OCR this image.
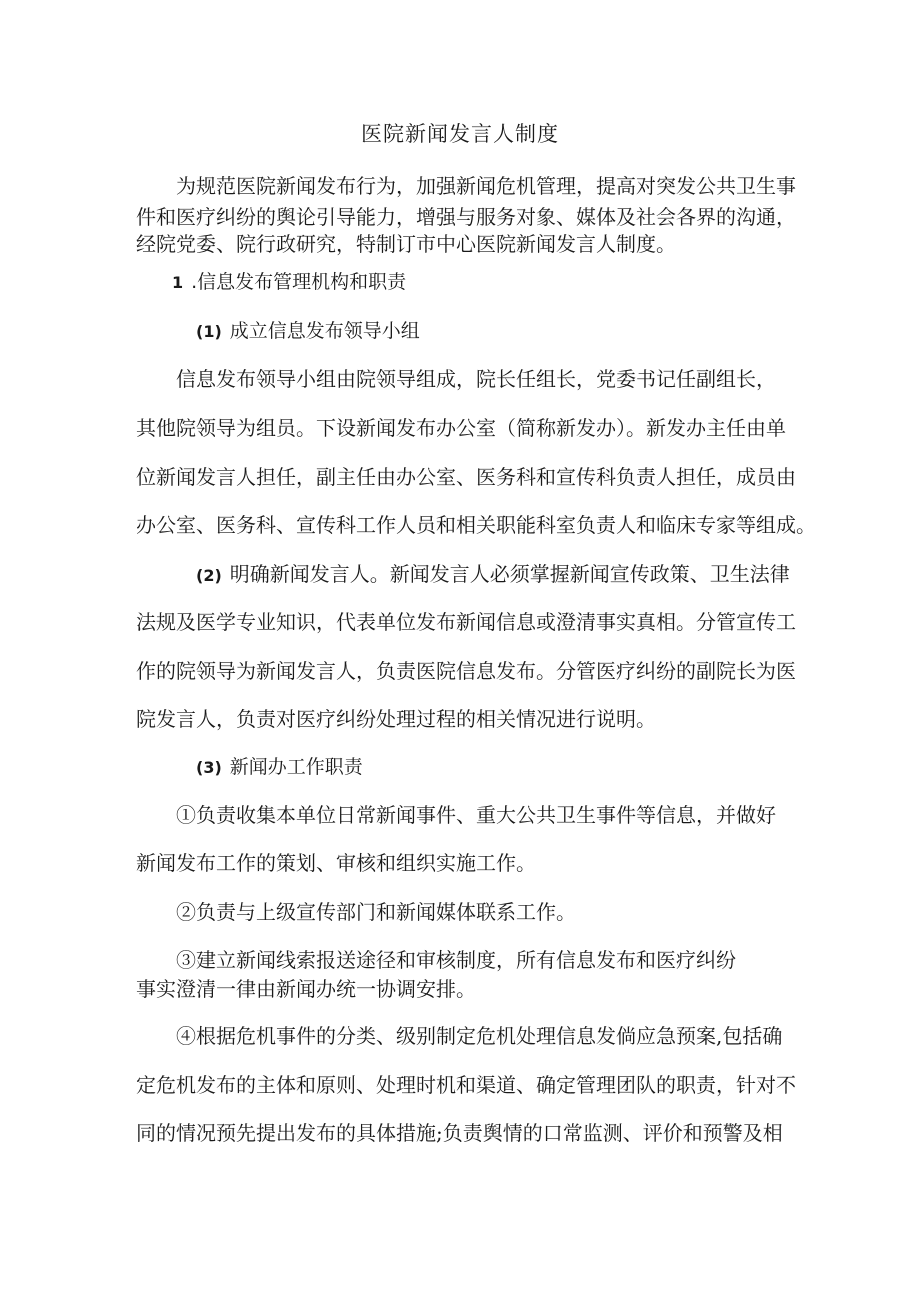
医院新闻发言人制度
为规范医院新闻发布行为，加强新闻危机管理，提高对突发公共卫生事
件和医疗纠纷的舆论引导能力，增强与服务对象、媒体及社会各界的沟通，
经院党委、院行政研究，特制订市中心医院新闻发言人制度。
1 .信息发布管理机构和职责
(1) 成立信息发布领导小组
信息发布领导小组由院领导组成，院长任组长，党委书记任副组长，
其他院领导为组员。下设新闻发布办公室（简称新发办）。新发办主任由单
位新闻发言人担任，副主任由办公室、医务科和宣传科负责人担任，成员由
办公室、医务科、宣传科工作人员和相关职能科室负责人和临床专家等组成。
(2) 明确新闻发言人。新闻发言人必须掌握新闻宣传政策、卫生法律
法规及医学专业知识，代表单位发布新闻信息或澄清事实真相。分管宣传工
作的院领导为新闻发言人，负责医院信息发布。分管医疗纠纷的副院长为医
院发言人，负责对医疗纠纷处理过程的相关情况进行说明。
(3) 新闻办工作职责
①负责收集本单位日常新闻事件、重大公共卫生事件等信息，并做好
新闻发布工作的策划、审核和组织实施工作。
②负责与上级宣传部门和新闻媒体联系工作。
③建立新闻线索报送途径和审核制度，所有信息发布和医疗纠纷
事实澄清一律由新闻办统一协调安排。
④根据危机事件的分类、级别制定危机处理信息发倘应急预案,包括确
定危机发布的主体和原则、处理时机和渠道、确定管理团队的职责，针对不
同的情况预先提出发布的具体措施;负责舆情的口常监测、评价和预警及相
